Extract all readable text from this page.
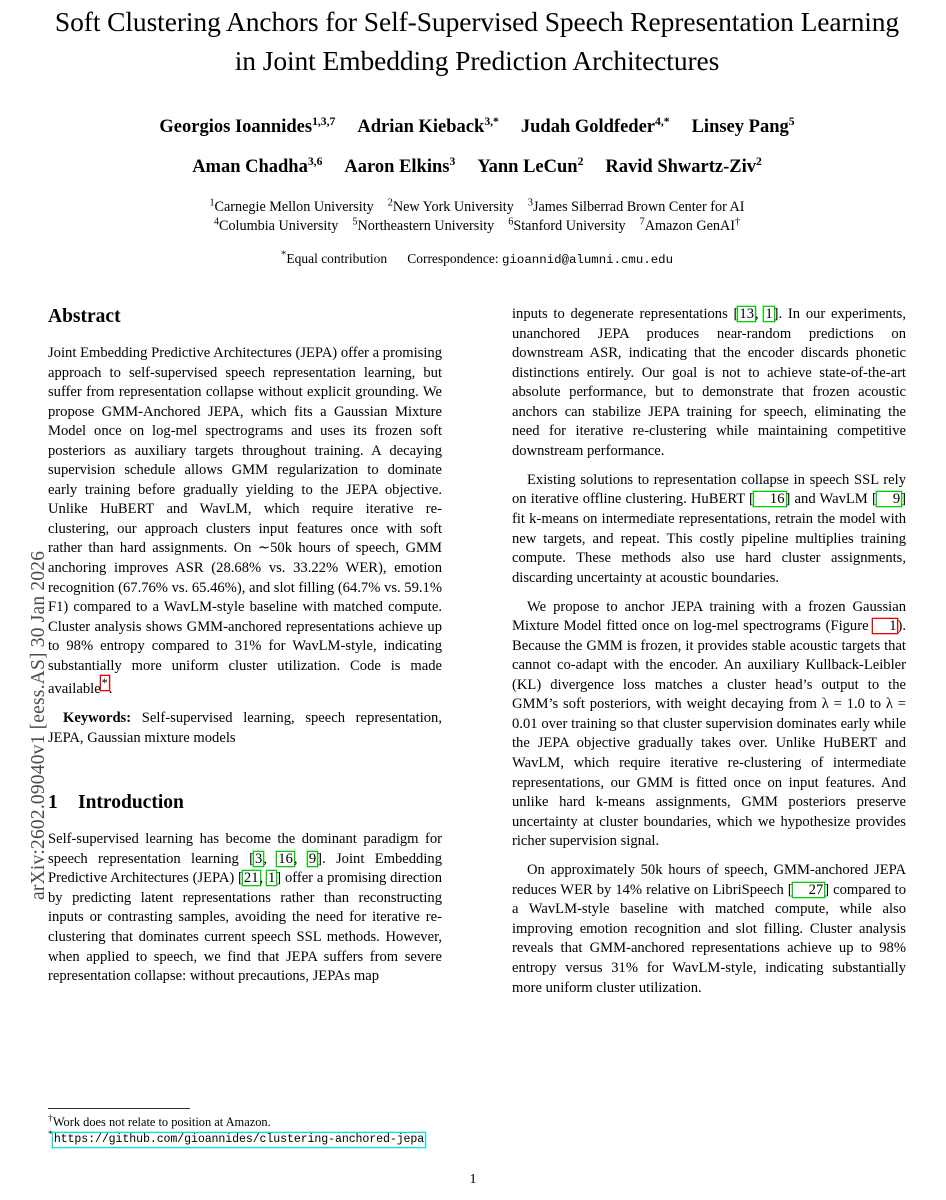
arXiv:2602.09040v1 [eess.AS] 30 Jan 2026
Soft Clustering Anchors for Self-Supervised Speech Representation Learning in Joint Embedding Prediction Architectures
Georgios Ioannides$^{1,3,7}$ Adrian Kieback$^{3,*}$ Judah Goldfeder$^{4,*}$ Linsey Pang$^5$
Aman Chadha$^{3,6}$ Aaron Elkins$^3$ Yann LeCun$^2$ Ravid Shwartz-Ziv$^2$
$^1$Carnegie Mellon University $^2$New York University $^3$James Silberrad Brown Center for AI
$^4$Columbia University $^5$Northeastern University $^6$Stanford University $^7$Amazon GenAI†
*Equal contribution Correspondence: gioannid@alumni.cmu.edu
Abstract

Joint Embedding Predictive Architectures (JEPA) offer a promising approach to self-supervised speech representation learning, but suffer from representation collapse without explicit grounding. We propose GMM-Anchored JEPA, which fits a Gaussian Mixture Model once on log-mel spectrograms and uses its frozen soft posteriors as auxiliary targets throughout training. A decaying supervision schedule allows GMM regularization to dominate early training before gradually yielding to the JEPA objective. Unlike HuBERT and WavLM, which require iterative re-clustering, our approach clusters input features once with soft rather than hard assignments. On ∼50k hours of speech, GMM anchoring improves ASR (28.68% vs. 33.22% WER), emotion recognition (67.76% vs. 65.46%), and slot filling (64.7% vs. 59.1% F1) compared to a WavLM-style baseline with matched compute. Cluster analysis shows GMM-anchored representations achieve up to 98% entropy compared to 31% for WavLM-style, indicating substantially more uniform cluster utilization. Code is made available*.

Keywords: Self-supervised learning, speech representation, JEPA, Gaussian mixture models

1 Introduction

Self-supervised learning has become the dominant paradigm for speech representation learning [3, 16, 9]. Joint Embedding Predictive Architectures (JEPA) [21, 1] offer a promising direction by predicting latent representations rather than reconstructing inputs or contrasting samples, avoiding the need for iterative re-clustering that dominates current speech SSL methods. However, when applied to speech, we find that JEPA suffers from severe representation collapse: without precautions, JEPAs map

inputs to degenerate representations [13, 1]. In our experiments, unanchored JEPA produces near-random predictions on downstream ASR, indicating that the encoder discards phonetic distinctions entirely. Our goal is not to achieve state-of-the-art absolute performance, but to demonstrate that frozen acoustic anchors can stabilize JEPA training for speech, eliminating the need for iterative re-clustering while maintaining competitive downstream performance.

Existing solutions to representation collapse in speech SSL rely on iterative offline clustering. HuBERT [ 16] and WavLM [ 9] fit k-means on intermediate representations, retrain the model with new targets, and repeat. This costly pipeline multiplies training compute. These methods also use hard cluster assignments, discarding uncertainty at acoustic boundaries.

We propose to anchor JEPA training with a frozen Gaussian Mixture Model fitted once on log-mel spectrograms (Figure 1). Because the GMM is frozen, it provides stable acoustic targets that cannot co-adapt with the encoder. An auxiliary Kullback-Leibler (KL) divergence loss matches a cluster head’s output to the GMM’s soft posteriors, with weight decaying from λ = 1.0 to λ = 0.01 over training so that cluster supervision dominates early while the JEPA objective gradually takes over. Unlike HuBERT and WavLM, which require iterative re-clustering of intermediate representations, our GMM is fitted once on input features. And unlike hard k-means assignments, GMM posteriors preserve uncertainty at cluster boundaries, which we hypothesize provides richer supervision signal.

On approximately 50k hours of speech, GMM-anchored JEPA reduces WER by 14% relative on LibriSpeech [ 27] compared to a WavLM-style baseline with matched compute, while also improving emotion recognition and slot filling. Cluster analysis reveals that GMM-anchored representations achieve up to 98% entropy versus 31% for WavLM-style, indicating substantially more uniform cluster utilization.

†Work does not relate to position at Amazon.

*https://github.com/gioannides/clustering-anchored-jepa

1
